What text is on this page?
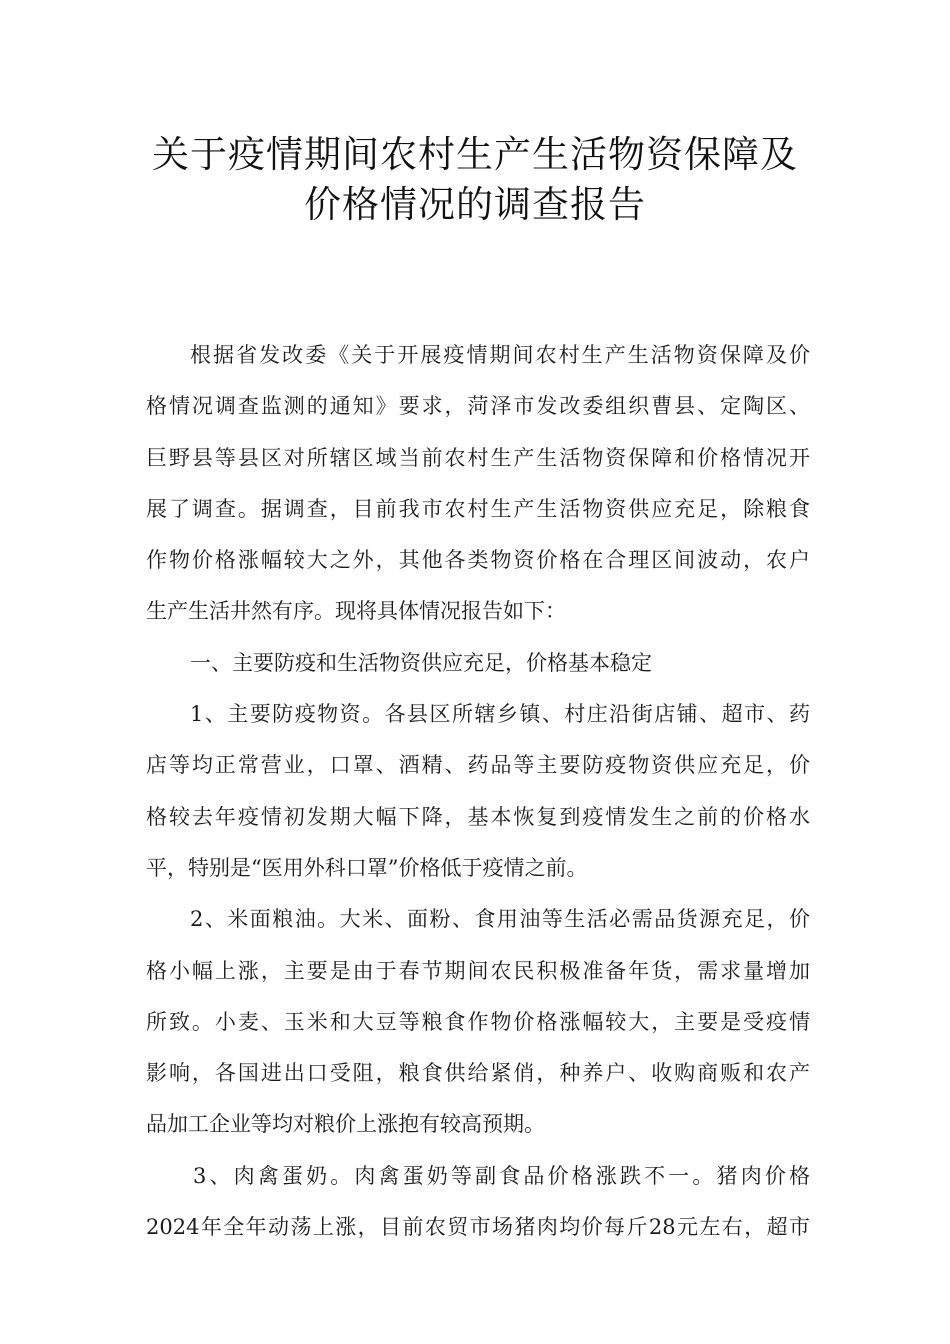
关于疫情期间农村生产生活物资保障及
价格情况的调查报告
根据省发改委《关于开展疫情期间农村生产生活物资保障及价
格情况调查监测的通知》要求，菏泽市发改委组织曹县、定陶区、
巨野县等县区对所辖区域当前农村生产生活物资保障和价格情况开
展了调查。据调查，目前我市农村生产生活物资供应充足，除粮食
作物价格涨幅较大之外，其他各类物资价格在合理区间波动，农户
生产生活井然有序。现将具体情况报告如下：
一、主要防疫和生活物资供应充足，价格基本稳定
1、主要防疫物资。各县区所辖乡镇、村庄沿街店铺、超市、药
店等均正常营业，口罩、酒精、药品等主要防疫物资供应充足，价
格较去年疫情初发期大幅下降，基本恢复到疫情发生之前的价格水
平，特别是“医用外科口罩”价格低于疫情之前。
2、米面粮油。大米、面粉、食用油等生活必需品货源充足，价
格小幅上涨，主要是由于春节期间农民积极准备年货，需求量增加
所致。小麦、玉米和大豆等粮食作物价格涨幅较大，主要是受疫情
影响，各国进出口受阻，粮食供给紧俏，种养户、收购商贩和农产
品加工企业等均对粮价上涨抱有较高预期。
3、肉禽蛋奶。肉禽蛋奶等副食品价格涨跌不一。猪肉价格
2024年全年动荡上涨，目前农贸市场猪肉均价每斤28元左右，超市
